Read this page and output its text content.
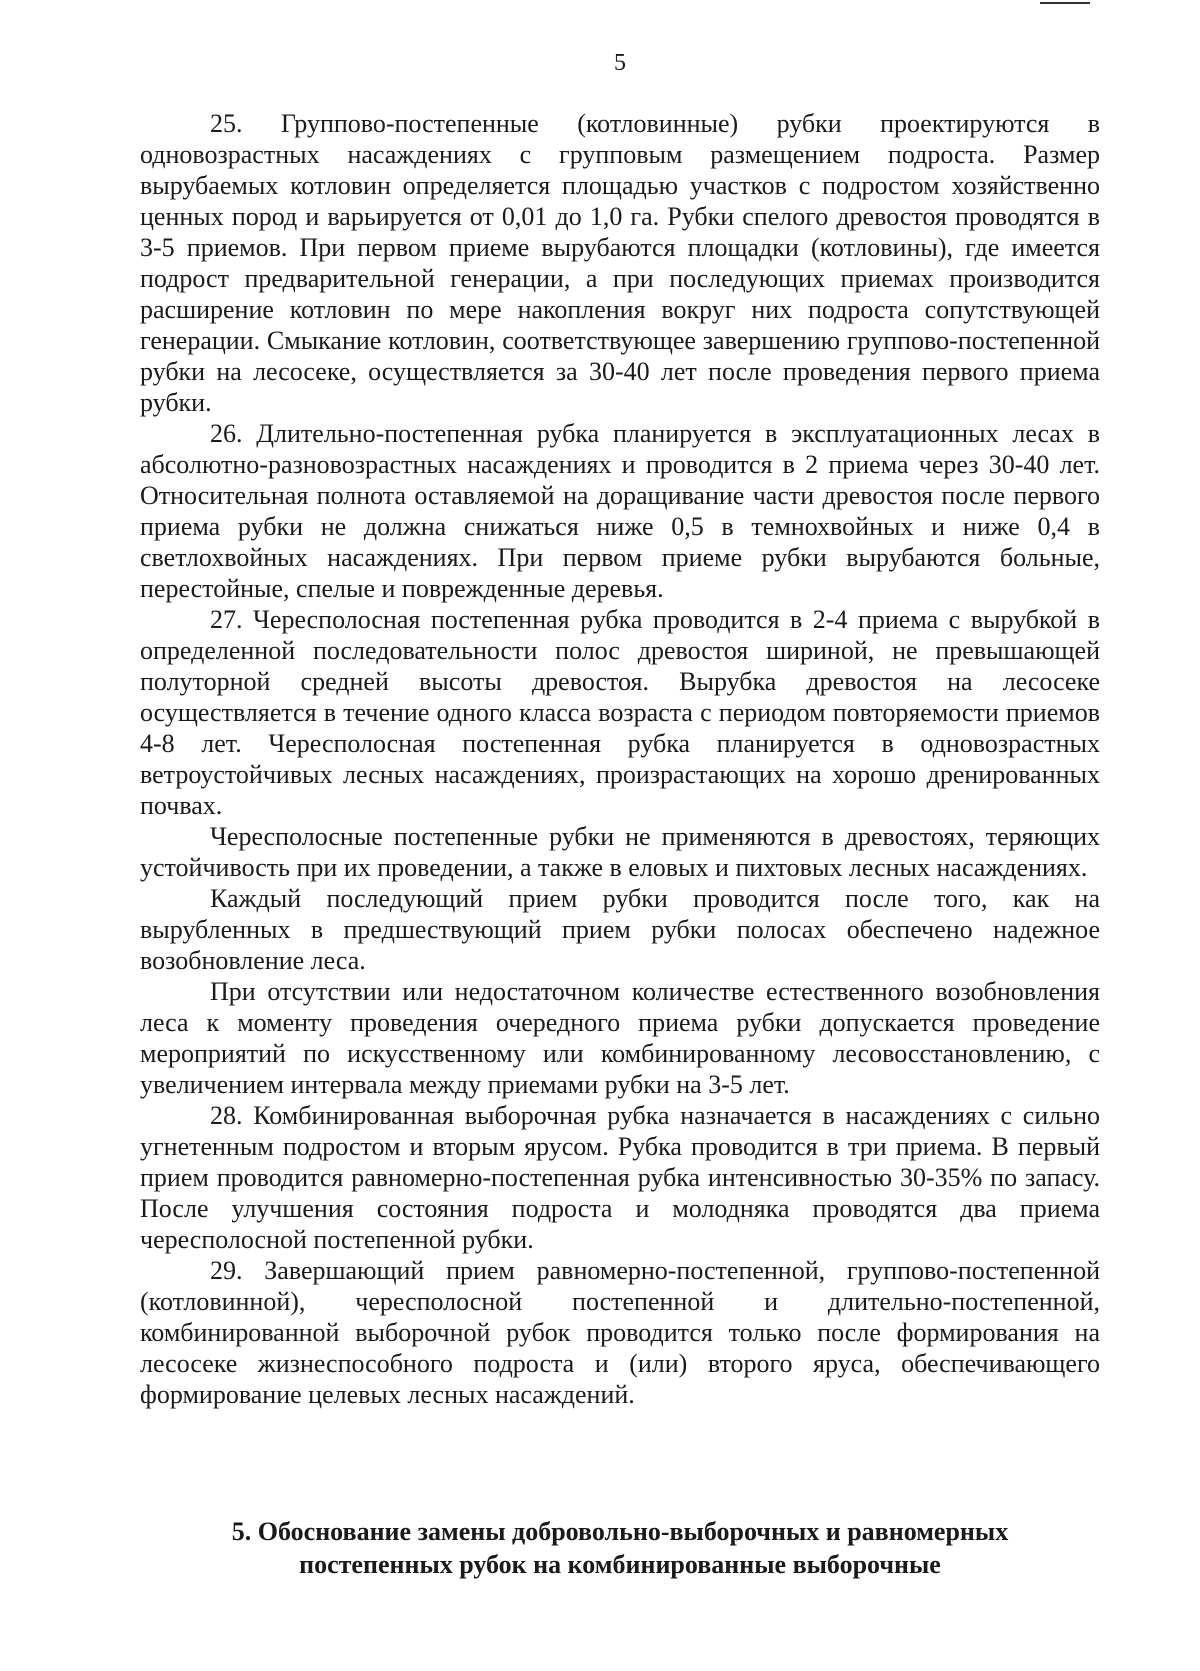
5

25. Группово-постепенные (котловинные) рубки проектируются в одновозрастных насаждениях с групповым размещением подроста. Размер вырубаемых котловин определяется площадью участков с подростом хозяйственно ценных пород и варьируется от 0,01 до 1,0 га. Рубки спелого древостоя проводятся в 3-5 приемов. При первом приеме вырубаются площадки (котловины), где имеется подрост предварительной генерации, а при последующих приемах производится расширение котловин по мере накопления вокруг них подроста сопутствующей генерации. Смыкание котловин, соответствующее завершению группово-постепенной рубки на лесосеке, осуществляется за 30-40 лет после проведения первого приема рубки.

26. Длительно-постепенная рубка планируется в эксплуатационных лесах в абсолютно-разновозрастных насаждениях и проводится в 2 приема через 30-40 лет. Относительная полнота оставляемой на доращивание части древостоя после первого приема рубки не должна снижаться ниже 0,5 в темнохвойных и ниже 0,4 в светлохвойных насаждениях. При первом приеме рубки вырубаются больные, перестойные, спелые и поврежденные деревья.

27. Чересполосная постепенная рубка проводится в 2-4 приема с вырубкой в определенной последовательности полос древостоя шириной, не превышающей полуторной средней высоты древостоя. Вырубка древостоя на лесосеке осуществляется в течение одного класса возраста с периодом повторяемости приемов 4-8 лет. Чересполосная постепенная рубка планируется в одновозрастных ветроустойчивых лесных насаждениях, произрастающих на хорошо дренированных почвах.

Чересполосные постепенные рубки не применяются в древостоях, теряющих устойчивость при их проведении, а также в еловых и пихтовых лесных насаждениях.

Каждый последующий прием рубки проводится после того, как на вырубленных в предшествующий прием рубки полосах обеспечено надежное возобновление леса.

При отсутствии или недостаточном количестве естественного возобновления леса к моменту проведения очередного приема рубки допускается проведение мероприятий по искусственному или комбинированному лесовосстановлению, с увеличением интервала между приемами рубки на 3-5 лет.

28. Комбинированная выборочная рубка назначается в насаждениях с сильно угнетенным подростом и вторым ярусом. Рубка проводится в три приема. В первый прием проводится равномерно-постепенная рубка интенсивностью 30-35% по запасу. После улучшения состояния подроста и молодняка проводятся два приема чересполосной постепенной рубки.

29. Завершающий прием равномерно-постепенной, группово-постепенной (котловинной), чересполосной постепенной и длительно-постепенной, комбинированной выборочной рубок проводится только после формирования на лесосеке жизнеспособного подроста и (или) второго яруса, обеспечивающего формирование целевых лесных насаждений.

5. Обоснование замены добровольно-выборочных и равномерных
постепенных рубок на комбинированные выборочные
